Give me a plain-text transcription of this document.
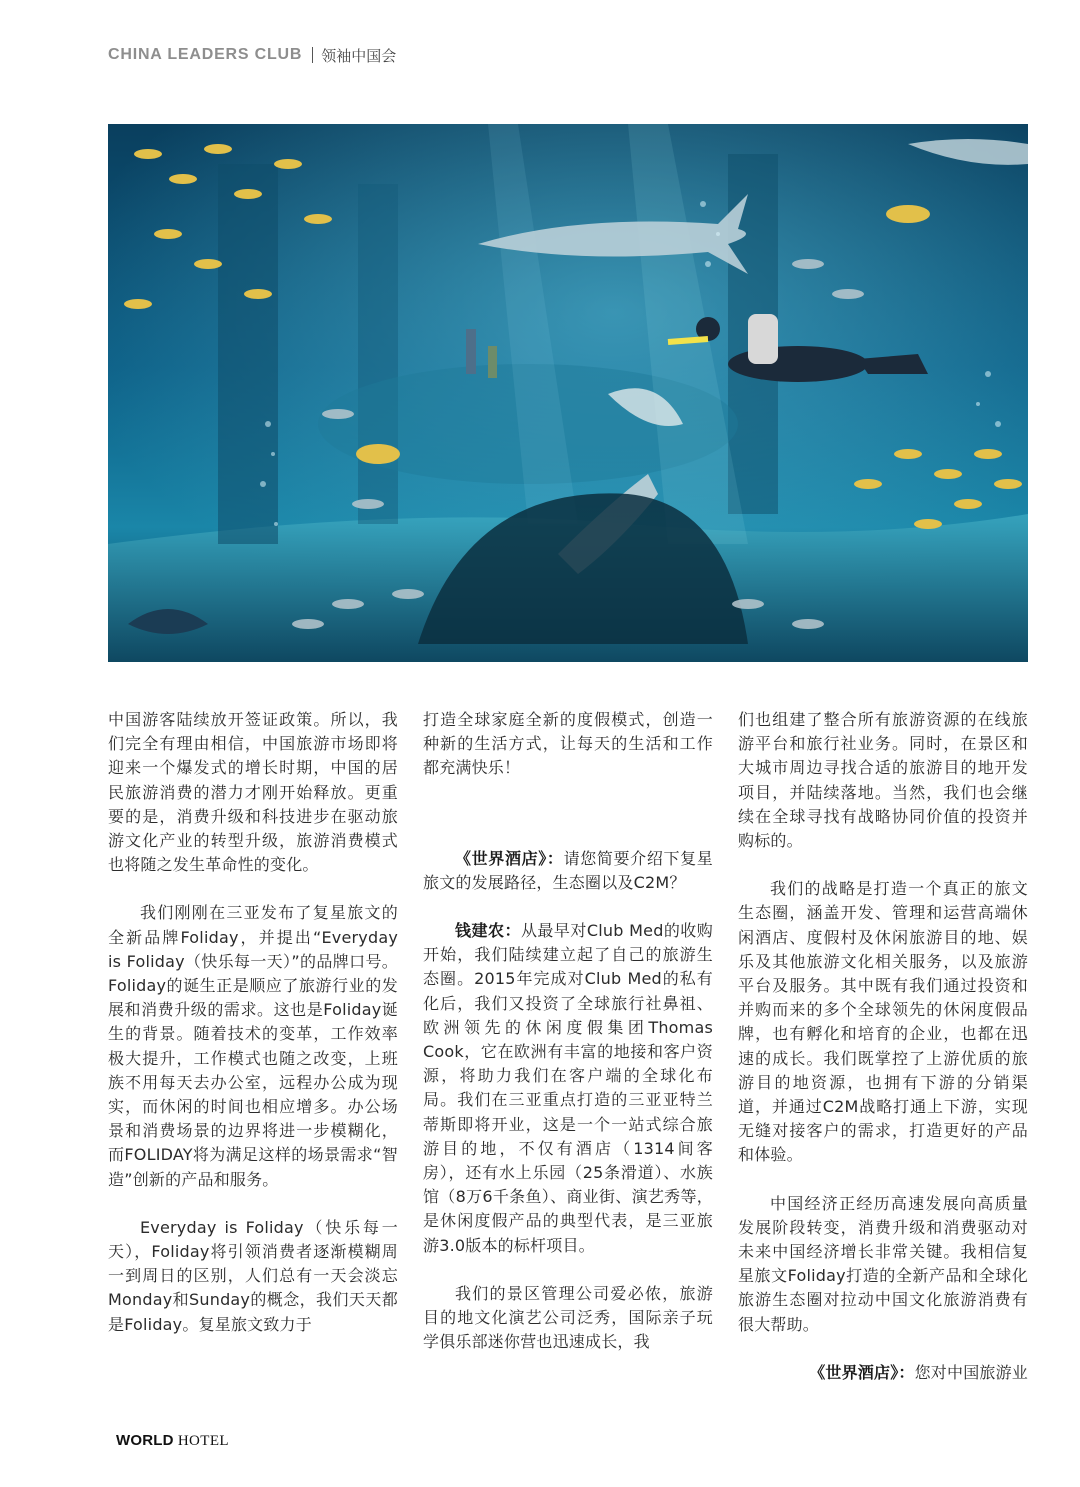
CHINA LEADERS CLUB 领袖中国会

中国游客陆续放开签证政策。所以，我们完全有理由相信，中国旅游市场即将迎来一个爆发式的增长时期，中国的居民旅游消费的潜力才刚开始释放。更重要的是，消费升级和科技进步在驱动旅游文化产业的转型升级，旅游消费模式也将随之发生革命性的变化。

我们刚刚在三亚发布了复星旅文的全新品牌Foliday，并提出“Everyday is Foliday（快乐每一天）”的品牌口号。Foliday的诞生正是顺应了旅游行业的发展和消费升级的需求。这也是Foliday诞生的背景。随着技术的变革，工作效率极大提升，工作模式也随之改变，上班族不用每天去办公室，远程办公成为现实，而休闲的时间也相应增多。办公场景和消费场景的边界将进一步模糊化，而FOLIDAY将为满足这样的场景需求“智造”创新的产品和服务。

Everyday is Foliday（快乐每一天），Foliday将引领消费者逐渐模糊周一到周日的区别，人们总有一天会淡忘Monday和Sunday的概念，我们天天都是Foliday。复星旅文致力于

打造全球家庭全新的度假模式，创造一种新的生活方式，让每天的生活和工作都充满快乐！

《世界酒店》：请您简要介绍下复星旅文的发展路径，生态圈以及C2M？

钱建农：从最早对Club Med的收购开始，我们陆续建立起了自己的旅游生态圈。2015年完成对Club Med的私有化后，我们又投资了全球旅行社鼻祖、欧洲领先的休闲度假集团Thomas Cook，它在欧洲有丰富的地接和客户资源，将助力我们在客户端的全球化布局。我们在三亚重点打造的三亚亚特兰蒂斯即将开业，这是一个一站式综合旅游目的地，不仅有酒店（1314间客房），还有水上乐园（25条滑道）、水族馆（8万6千条鱼）、商业街、演艺秀等，是休闲度假产品的典型代表，是三亚旅游3.0版本的标杆项目。

我们的景区管理公司爱必侬，旅游目的地文化演艺公司泛秀，国际亲子玩学俱乐部迷你营也迅速成长，我

们也组建了整合所有旅游资源的在线旅游平台和旅行社业务。同时，在景区和大城市周边寻找合适的旅游目的地开发项目，并陆续落地。当然，我们也会继续在全球寻找有战略协同价值的投资并购标的。

我们的战略是打造一个真正的旅文生态圈，涵盖开发、管理和运营高端休闲酒店、度假村及休闲旅游目的地、娱乐及其他旅游文化相关服务，以及旅游平台及服务。其中既有我们通过投资和并购而来的多个全球领先的休闲度假品牌，也有孵化和培育的企业，也都在迅速的成长。我们既掌控了上游优质的旅游目的地资源，也拥有下游的分销渠道，并通过C2M战略打通上下游，实现无缝对接客户的需求，打造更好的产品和体验。

中国经济正经历高速发展向高质量发展阶段转变，消费升级和消费驱动对未来中国经济增长非常关键。我相信复星旅文Foliday打造的全新产品和全球化旅游生态圈对拉动中国文化旅游消费有很大帮助。

《世界酒店》：您对中国旅游业

WORLD HOTEL
